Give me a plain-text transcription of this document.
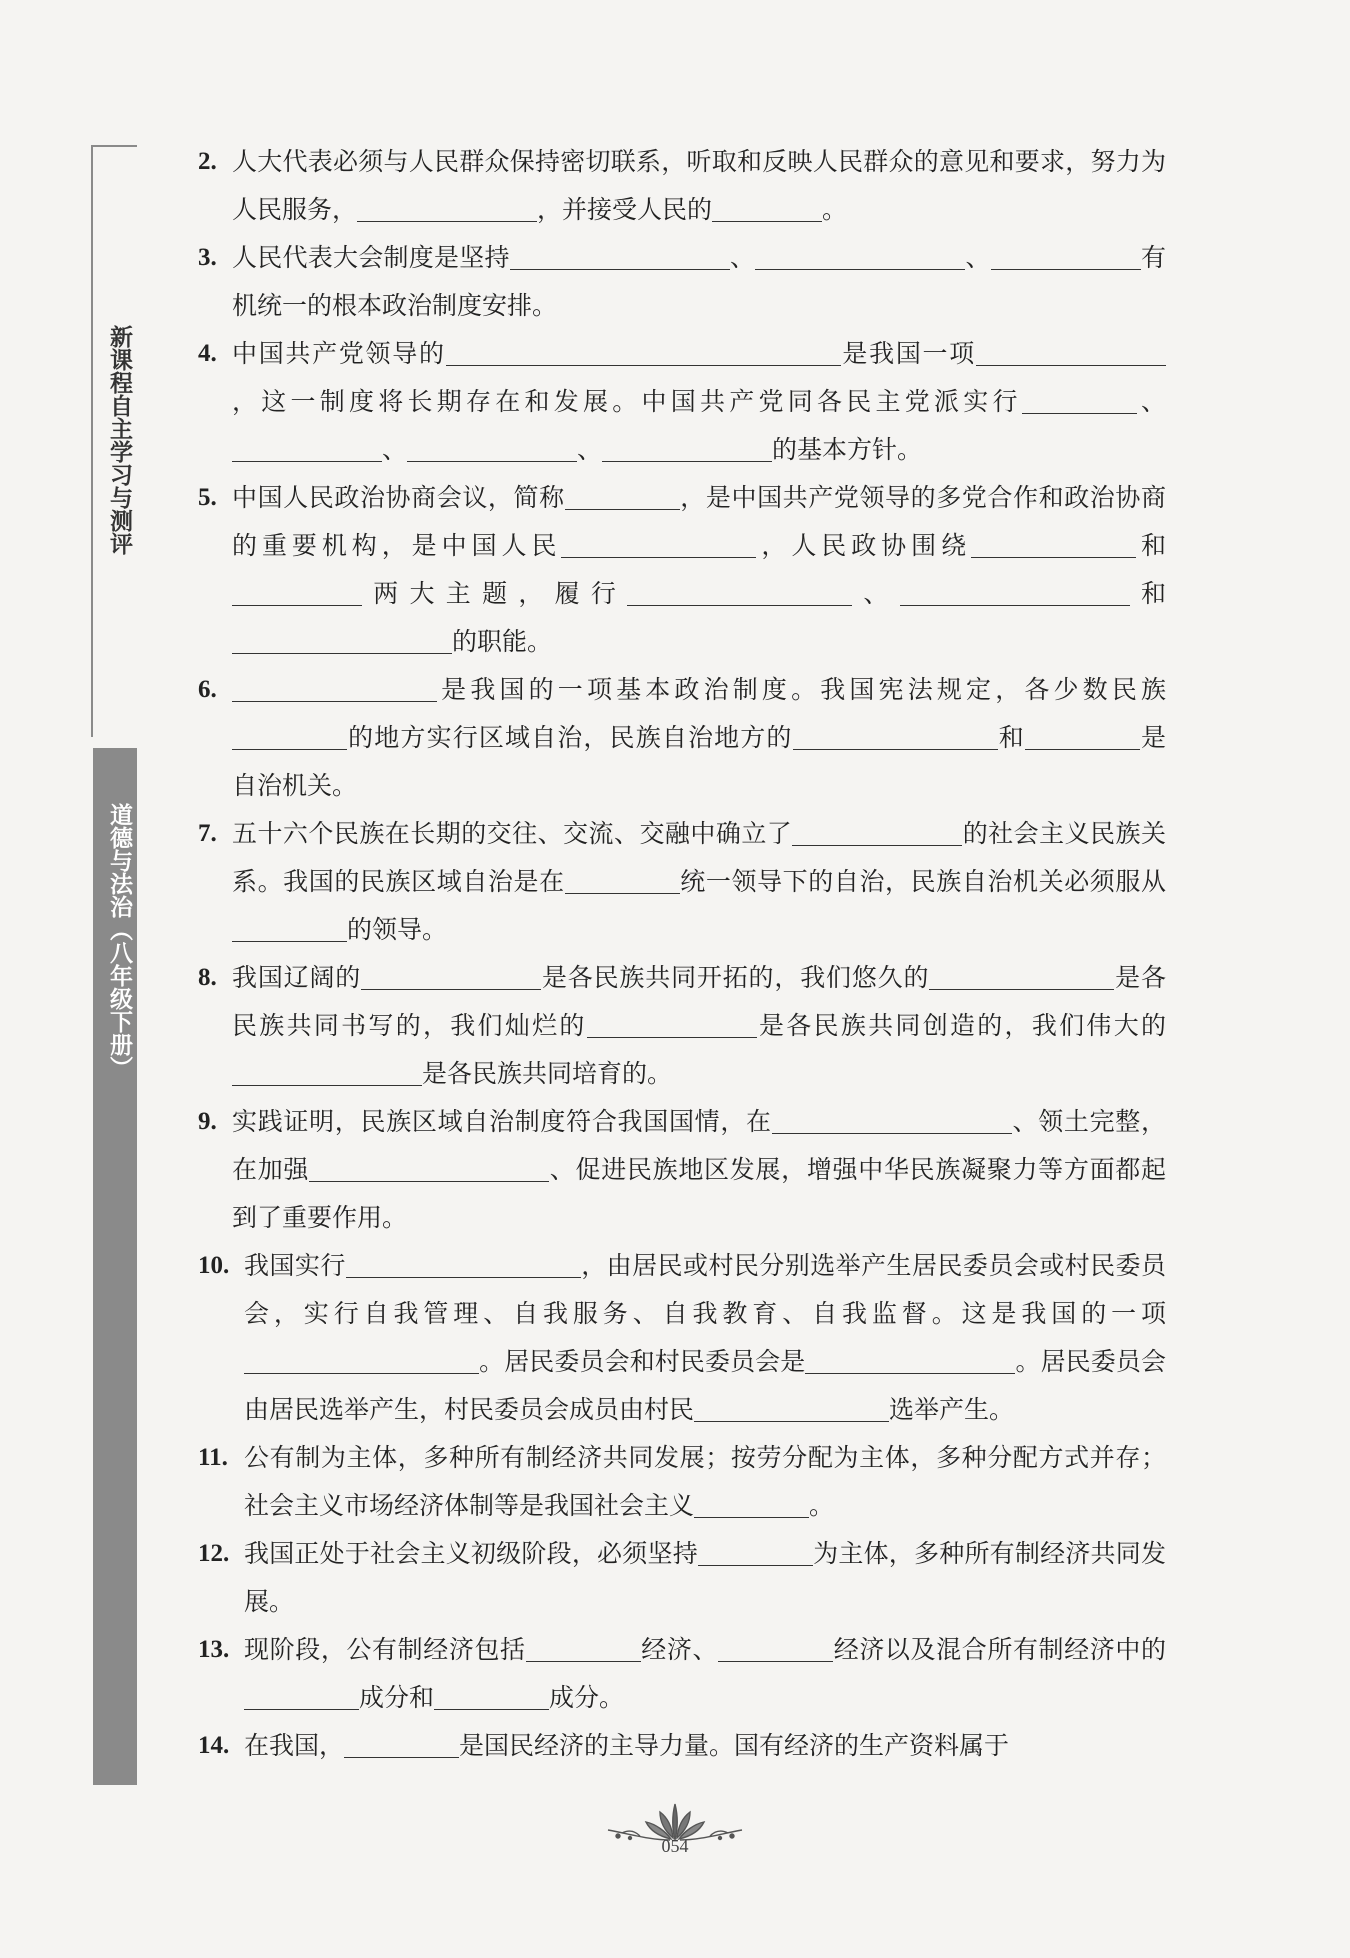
新课程自主学习与测评
道德与法治（八年级下册）
2. 人大代表必须与人民群众保持密切联系，听取和反映人民群众的意见和要求，努力为人民服务，	，并接受人民的	。
3. 人民代表大会制度是坚持	、	、	有机统一的根本政治制度安排。
4. 中国共产党领导的	是我国一项，这一制度将长期存在和发展。中国共产党同各民主党派实行	、、	、	的基本方针。
5. 中国人民政治协商会议，简称	，是中国共产党领导的多党合作和政治协商的重要机构，是中国人民	，人民政协围绕	和两大主题，履行	、	和的职能。
6.	是我国的一项基本政治制度。我国宪法规定，各少数民族的地方实行区域自治，民族自治地方的	和	是自治机关。
7. 五十六个民族在长期的交往、交流、交融中确立了	的社会主义民族关系。我国的民族区域自治是在	统一领导下的自治，民族自治机关必须服从的领导。
8. 我国辽阔的	是各民族共同开拓的，我们悠久的	是各民族共同书写的，我们灿烂的	是各民族共同创造的，我们伟大的是各民族共同培育的。
9. 实践证明，民族区域自治制度符合我国国情，在	、领土完整，在加强	、促进民族地区发展，增强中华民族凝聚力等方面都起到了重要作用。
10. 我国实行	，由居民或村民分别选举产生居民委员会或村民委员会，实行自我管理、自我服务、自我教育、自我监督。这是我国的一项。居民委员会和村民委员会是	。居民委员会由居民选举产生，村民委员会成员由村民	选举产生。
11. 公有制为主体，多种所有制经济共同发展；按劳分配为主体，多种分配方式并存；社会主义市场经济体制等是我国社会主义	。
12. 我国正处于社会主义初级阶段，必须坚持	为主体，多种所有制经济共同发展。
13. 现阶段，公有制经济包括	经济、	经济以及混合所有制经济中的成分和	成分。
14. 在我国，	是国民经济的主导力量。国有经济的生产资料属于
054
